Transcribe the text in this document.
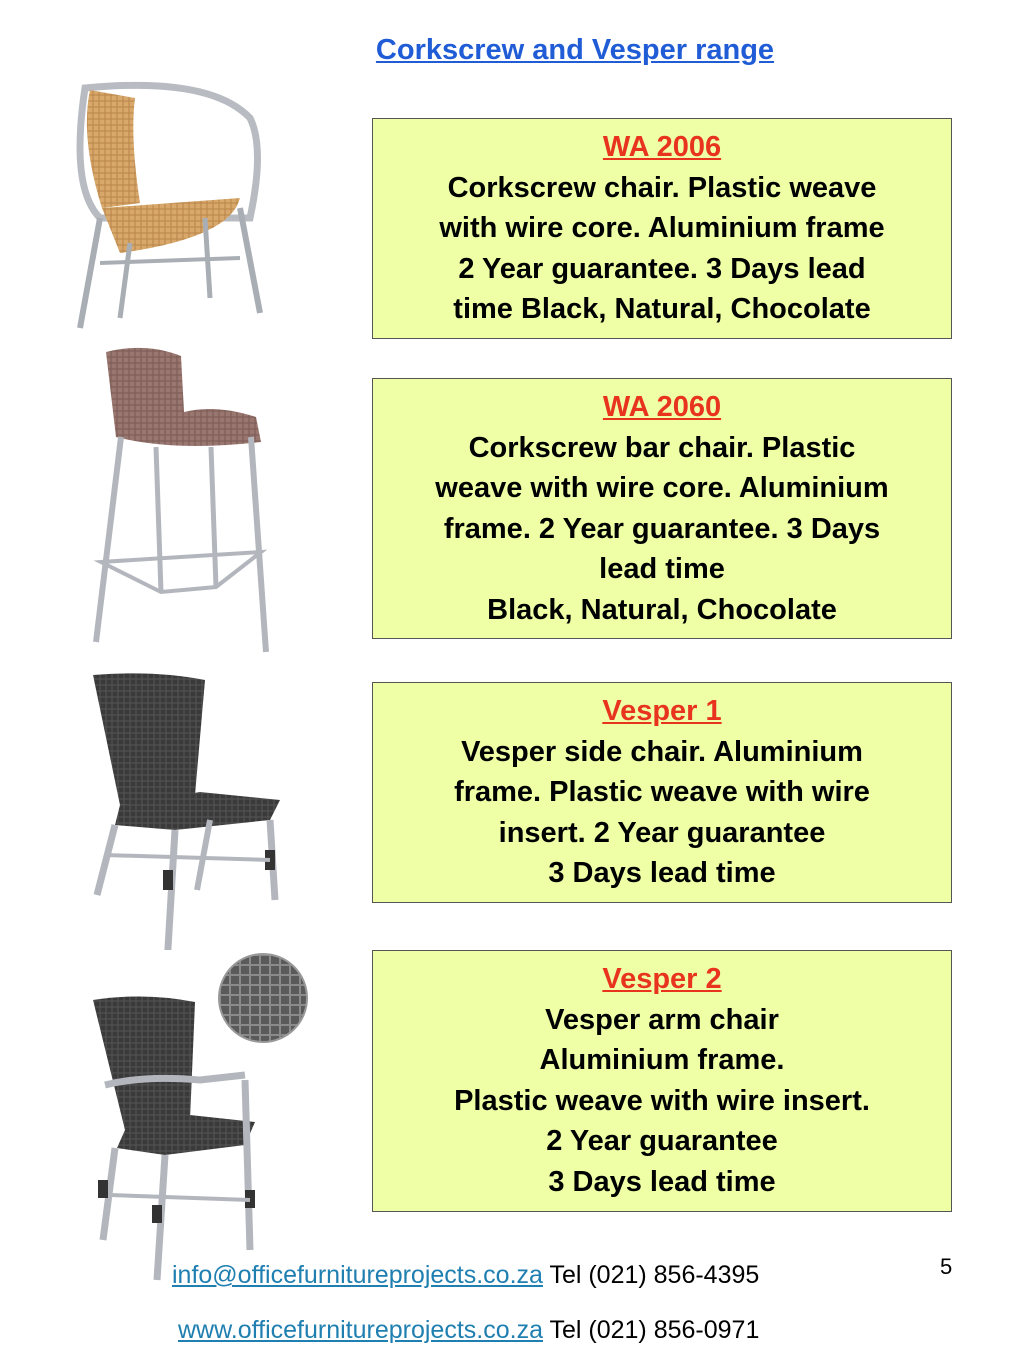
Corkscrew and Vesper range
WA 2006
Corkscrew chair. Plastic weave
with wire core. Aluminium frame
2 Year guarantee. 3 Days lead
time Black, Natural, Chocolate
WA 2060
Corkscrew bar chair. Plastic
weave with wire core. Aluminium
frame. 2 Year guarantee. 3 Days
lead time
Black, Natural, Chocolate
Vesper 1
Vesper side chair. Aluminium
frame. Plastic weave with wire
insert. 2 Year guarantee
3 Days lead time
Vesper 2
Vesper arm chair
Aluminium frame.
Plastic weave with wire insert.
2 Year guarantee
3 Days lead time
info@officefurnitureprojects.co.za Tel (021) 856-4395
www.officefurnitureprojects.co.za Tel (021) 856-0971
5
